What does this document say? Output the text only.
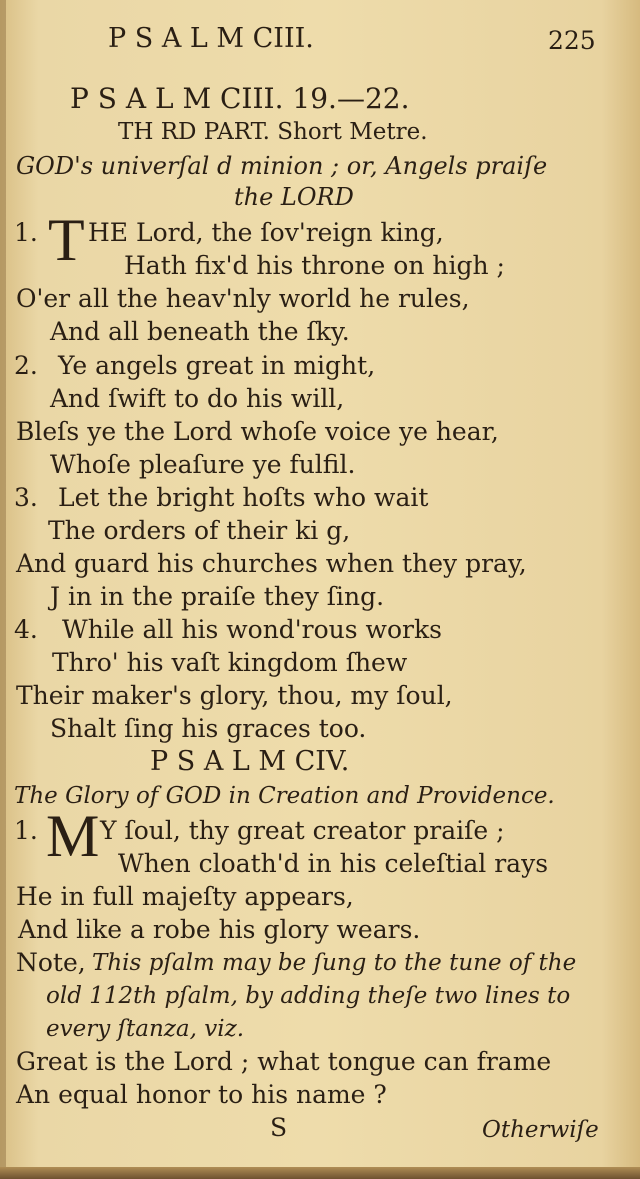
P S A L M CIII.	225
P S A L M CIII. 19.—22.
TH RD PART. Short Metre.
GOD's univerſal d minion ; or, Angels praiſe
the LORD
1. T HE Lord, the ſov'reign king,
Hath fix'd his throne on high ;
O'er all the heav'nly world he rules,
And all beneath the ſky.
2. Ye angels great in might,
And ſwift to do his will,
Bleſs ye the Lord whoſe voice ye hear,
Whoſe pleaſure ye fulfil.
3. Let the bright hoſts who wait
The orders of their ki g,
And guard his churches when they pray,
J in in the praiſe they ſing.
4. While all his wond'rous works
Thro' his vaſt kingdom ſhew
Their maker's glory, thou, my ſoul,
Shalt ſing his graces too.
P S A L M CIV.
The Glory of GOD in Creation and Providence.
1. M Y ſoul, thy great creator praiſe ;
When cloath'd in his celeſtial rays
He in full majeſty appears,
And like a robe his glory wears.
Note, This pſalm may be ſung to the tune of the
old 112th pſalm, by adding theſe two lines to
every ſtanza, viz.
Great is the Lord ; what tongue can frame
An equal honor to his name ?
S	Otherwiſe
